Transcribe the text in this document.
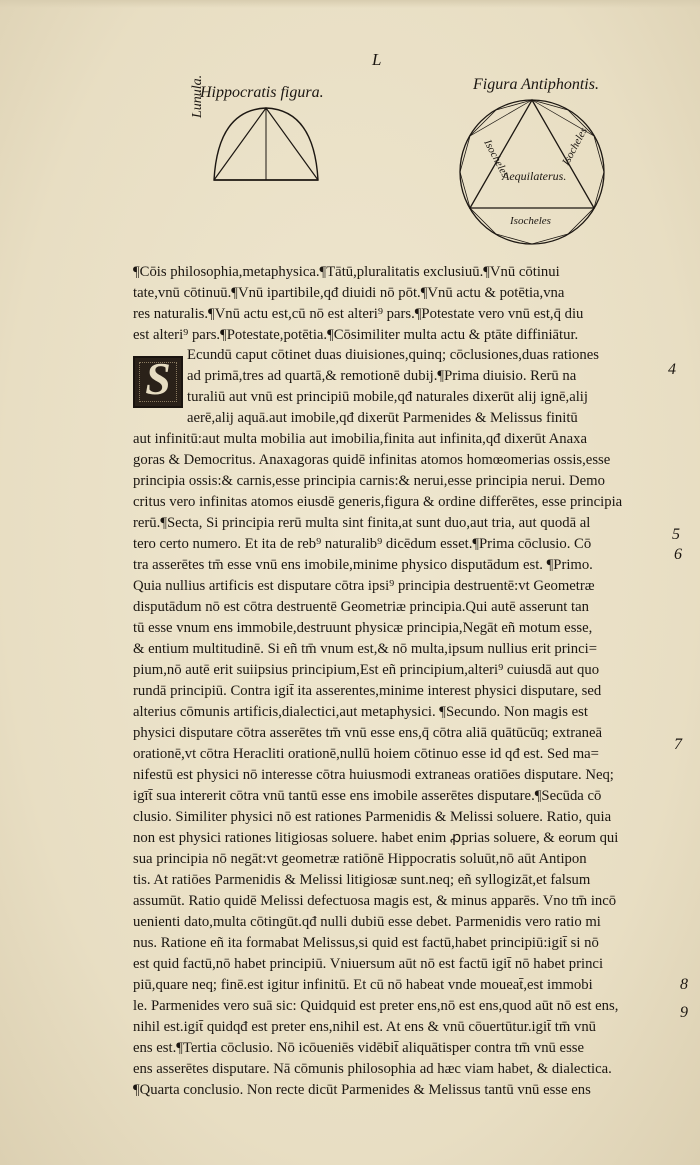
L
Hippocratis figura.
Lunula.	Figura Antiphontis.
Isocheles	Isocheles
Aequilaterus.
Isocheles
¶Cōis philosophia,metaphysica.¶Tātū,pluralitatis exclusiuū.¶Vnū cōtinui
tate,vnū cōtinuū.¶Vnū ipartibile,qđ diuidi nō pōt.¶Vnū actu & potētia,vna
res naturalis.¶Vnū actu est,cū nō est alteri⁹ pars.¶Potestate vero vnū est,q̄ diu
est alteri⁹ pars.¶Potestate,potētia.¶Cōsimiliter multa actu & ptāte diffiniātur.
S	Ecundū caput cōtinet duas diuisiones,quinq; cōclusiones,duas rationes
ad primā,tres ad quartā,& remotionē dubij.¶Prima diuisio. Rerū na
turaliū aut vnū est principiū mobile,qđ naturales dixerūt alij ignē,alij
aerē,alij aquā.aut imobile,qđ dixerūt Parmenides & Melissus finitū
aut infinitū:aut multa mobilia aut imobilia,finita aut infinita,qđ dixerūt Anaxa
goras & Democritus. Anaxagoras quidē infinitas atomos homœomerias ossis,esse
principia ossis:& carnis,esse principia carnis:& nerui,esse principia nerui. Demo
critus vero infinitas atomos eiusdē generis,figura & ordine differētes, esse principia
rerū.¶Secta, Si principia rerū multa sint finita,at sunt duo,aut tria, aut quodā al
tero certo numero. Et ita de reb⁹ naturalib⁹ dicēdum esset.¶Prima cōclusio. Cō
tra asserētes tm̄ esse vnū ens imobile,minime physico disputādum est. ¶Primo.
Quia nullius artificis est disputare cōtra ipsi⁹ principia destruentē:vt Geometræ
disputādum nō est cōtra destruentē Geometriæ principia.Qui autē asserunt tan
tū esse vnum ens immobile,destruunt physicæ principia,Negāt eñ motum esse,
& entium multitudinē. Si eñ tm̄ vnum est,& nō multa,ipsum nullius erit princi=
pium,nō autē erit suiipsius principium,Est eñ principium,alteri⁹ cuiusdā aut quo
rundā principiū. Contra igit̄ ita asserentes,minime interest physici disputare, sed
alterius cōmunis artificis,dialectici,aut metaphysici. ¶Secundo. Non magis est
physici disputare cōtra asserētes tm̄ vnū esse ens,q̄ cōtra aliā quātūcūq; extraneā
orationē,vt cōtra Heracliti orationē,nullū hoiem cōtinuo esse id qđ est. Sed ma=
nifestū est physici nō interesse cōtra huiusmodi extraneas oratiōes disputare. Neq;
igīt̄ sua intererit cōtra vnū tantū esse ens imobile asserētes disputare.¶Secūda cō
clusio. Similiter physici nō est rationes Parmenidis & Melissi soluere. Ratio, quia
non est physici rationes litigiosas soluere. habet enim ꝓprias soluere, & eorum qui
sua principia nō negāt:vt geometræ ratiōnē Hippocratis soluūt,nō aūt Antipon
tis. At ratiōes Parmenidis & Melissi litigiosæ sunt.neq; eñ syllogizāt,et falsum
assumūt. Ratio quidē Melissi defectuosa magis est, & minus apparēs. Vno tm̄ incō
uenienti dato,multa cōtingūt.qđ nulli dubiū esse debet. Parmenidis vero ratio mi
nus. Ratione eñ ita formabat Melissus,si quid est factū,habet principiū:igit̄ si nō
est quid factū,nō habet principiū. Vniuersum aūt nō est factū igit̄ nō habet princi
piū,quare neq; finē.est igitur infinitū. Et cū nō habeat vnde moueat̄,est immobi
le. Parmenides vero suā sic: Quidquid est preter ens,nō est ens,quod aūt nō est ens,
nihil est.igit̄ quidqđ est preter ens,nihil est. At ens & vnū cōuertūtur.igit̄ tm̄ vnū
ens est.¶Tertia cōclusio. Nō icōueniēs vidēbit̄ aliquātisper contra tm̄ vnū esse
ens asserētes disputare. Nā cōmunis philosophia ad hæc viam habet, & dialectica.
¶Quarta conclusio. Non recte dicūt Parmenides & Melissus tantū vnū esse ens
4
5
6
7
8
9
